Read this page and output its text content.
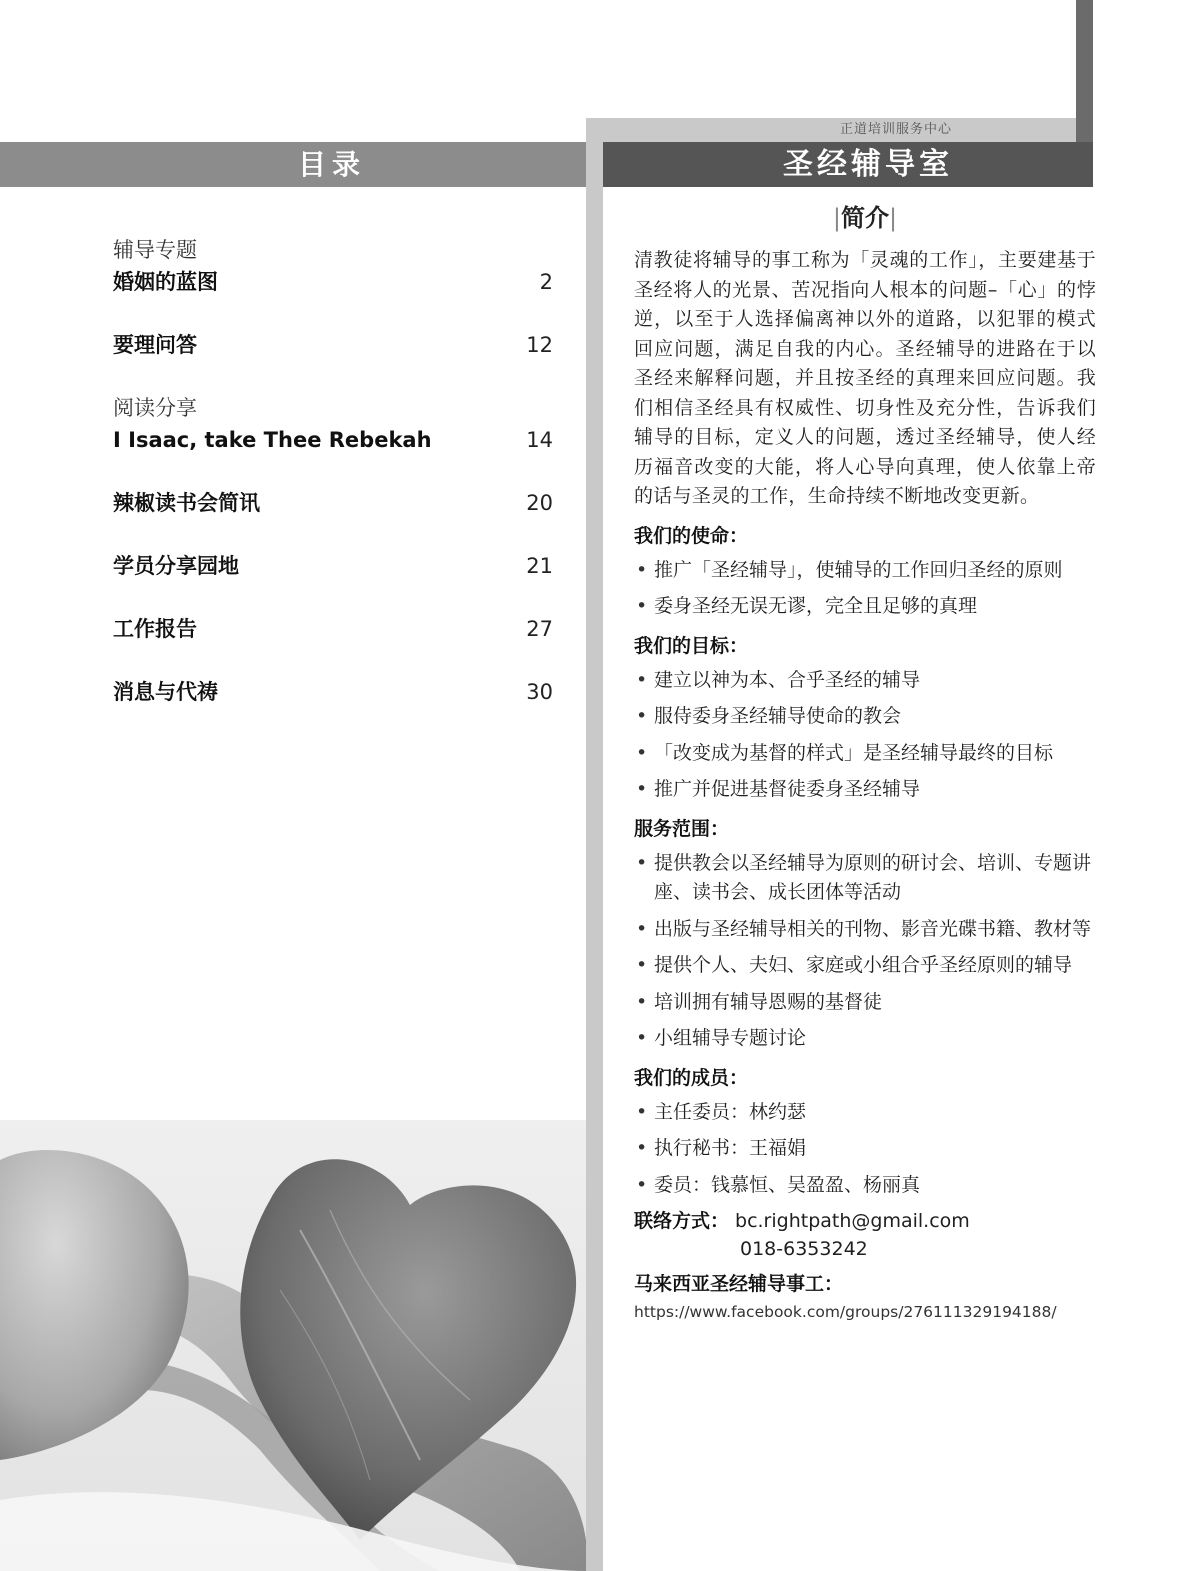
正道培训服务中心
目录	圣经辅导室
辅导专题
婚姻的蓝图	2
要理问答	12
阅读分享
I Isaac, take Thee Rebekah	14
辣椒读书会简讯	20
学员分享园地	21
工作报告	27
消息与代祷	30
|简介|

清教徒将辅导的事工称为「灵魂的工作」，主要建基于圣经将人的光景、苦况指向人根本的问题–「心」的悖逆，以至于人选择偏离神以外的道路，以犯罪的模式回应问题，满足自我的内心。圣经辅导的进路在于以圣经来解释问题，并且按圣经的真理来回应问题。我们相信圣经具有权威性、切身性及充分性，告诉我们辅导的目标，定义人的问题，透过圣经辅导，使人经历福音改变的大能，将人心导向真理，使人依靠上帝的话与圣灵的工作，生命持续不断地改变更新。

我们的使命：
• 推广「圣经辅导」，使辅导的工作回归圣经的原则
• 委身圣经无误无谬，完全且足够的真理
我们的目标：
• 建立以神为本、合乎圣经的辅导
• 服侍委身圣经辅导使命的教会
• 「改变成为基督的样式」是圣经辅导最终的目标
• 推广并促进基督徒委身圣经辅导
服务范围：
• 提供教会以圣经辅导为原则的研讨会、培训、专题讲座、读书会、成长团体等活动
• 出版与圣经辅导相关的刊物、影音光碟书籍、教材等
• 提供个人、夫妇、家庭或小组合乎圣经原则的辅导
• 培训拥有辅导恩赐的基督徒
• 小组辅导专题讨论
我们的成员：
• 主任委员：林约瑟
• 执行秘书：王福娟
• 委员：钱慕恒、吴盈盈、杨丽真
联络方式： bc.rightpath@gmail.com
018-6353242
马来西亚圣经辅导事工：
https://www.facebook.com/groups/276111329194188/
